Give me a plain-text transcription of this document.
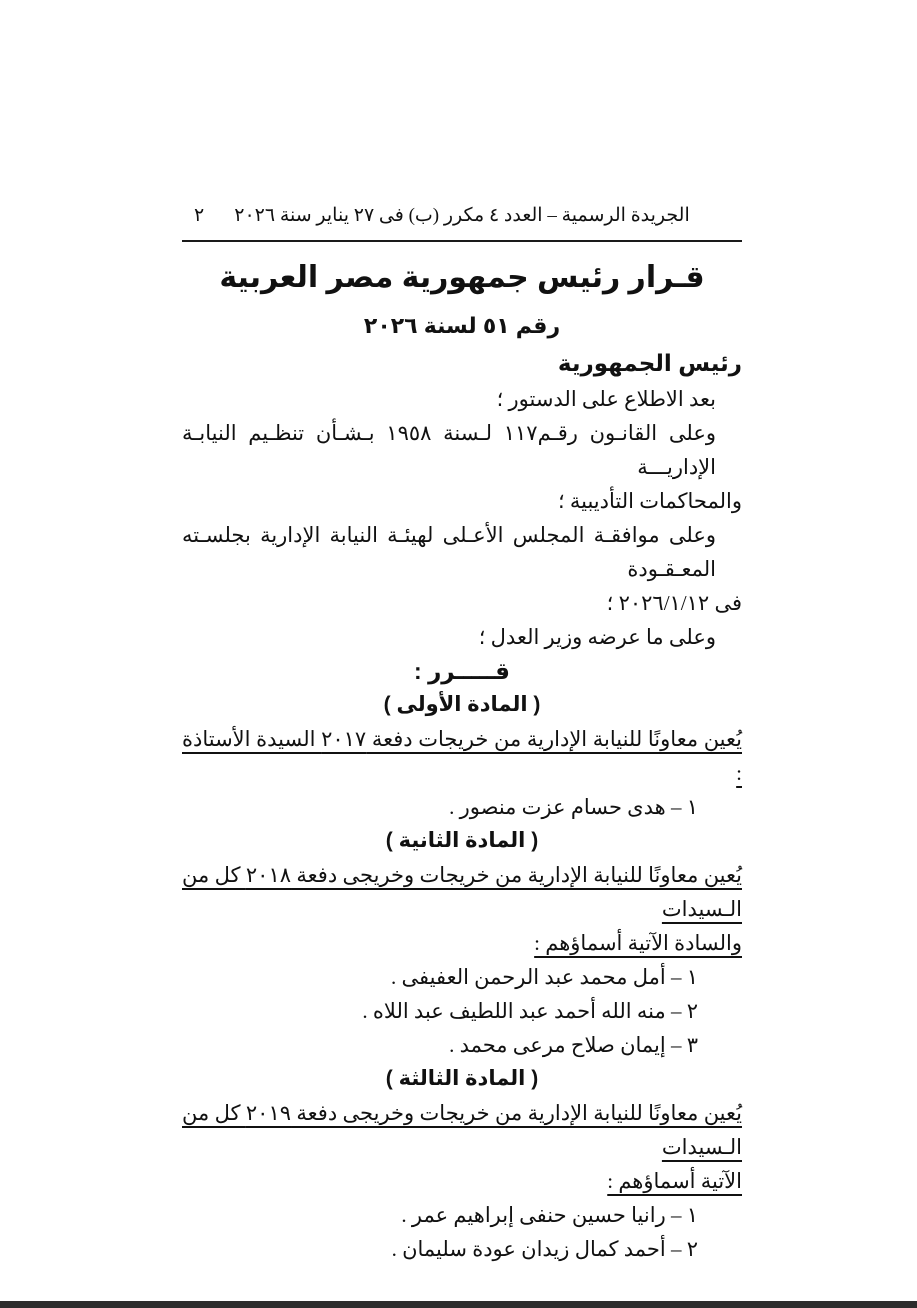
الجريدة الرسمية – العدد ٤ مكرر (ب) فى ٢٧ يناير سنة ٢٠٢٦
٢
قـرار رئيس جمهورية مصر العربية
رقم ٥١ لسنة ٢٠٢٦
رئيس الجمهورية

بعد الاطلاع على الدستور ؛

وعلى القانـون رقـم١١٧ لـسنة ١٩٥٨ بـشـأن تنظـيم النيابـة الإداريـــة

والمحاكمات التأديبية ؛

وعلى موافقـة المجلس الأعـلى لهيئـة النيابة الإدارية بجلسـته المعـقـودة

فى ٢٠٢٦/١/١٢ ؛

وعلى ما عرضه وزير العدل ؛

قـــــرر :
( المادة الأولى )

يُعين معاونًا للنيابة الإدارية من خريجات دفعة ٢٠١٧ السيدة الأستاذة :

١ – هدى حسام عزت منصور .

( المادة الثانية )

يُعين معاونًا للنيابة الإدارية من خريجات وخريجى دفعة ٢٠١٨ كل من الـسيدات

والسادة الآتية أسماؤهم :

١ – أمل محمد عبد الرحمن العفيفى .

٢ – منه الله أحمد عبد اللطيف عبد اللاه .

٣ – إيمان صلاح مرعى محمد .

( المادة الثالثة )

يُعين معاونًا للنيابة الإدارية من خريجات وخريجى دفعة ٢٠١٩ كل من الـسيدات

الآتية أسماؤهم :

١ – رانيا حسين حنفى إبراهيم عمر .

٢ – أحمد كمال زيدان عودة سليمان .
